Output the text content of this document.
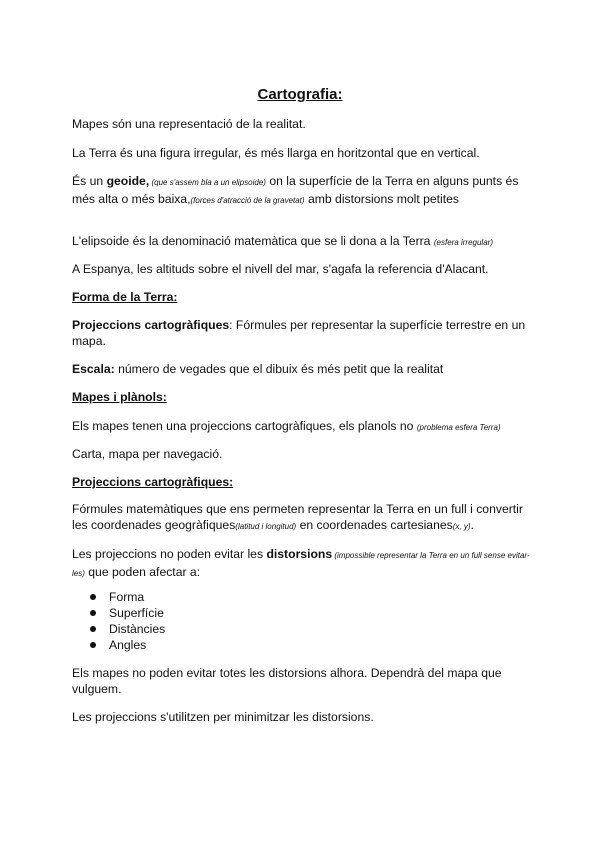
Cartografia:

Mapes són una representació de la realitat.

La Terra és una figura irregular, és més llarga en horitzontal que en vertical.

És un geoide, (que s'assem bla a un elipsoide) on la superfície de la Terra en alguns punts és més alta o més baixa,(forces d'atracció de la gravetat) amb distorsions molt petites

L'elipsoide és la denominació matemàtica que se li dona a la Terra (esfera irregular)

A Espanya, les altituds sobre el nivell del mar, s'agafa la referencia d'Alacant.

Forma de la Terra:

Projeccions cartogràfiques: Fórmules per representar la superfície terrestre en un mapa.

Escala: número de vegades que el dibuix és més petit que la realitat

Mapes i plànols:

Els mapes tenen una projeccions cartogràfiques, els planols no (problema esfera Terra)

Carta, mapa per navegació.

Projeccions cartogràfiques:

Fórmules matemàtiques que ens permeten representar la Terra en un full i convertir les coordenades geogràfiques(latitud i longitud) en coordenades cartesianes(x, y).

Les projeccions no poden evitar les distorsions (impossible representar la Terra en un full sense evitar-les) que poden afectar a:

Forma
Superfície
Distàncies
Angles

Els mapes no poden evitar totes les distorsions alhora. Dependrà del mapa que vulguem.

Les projeccions s'utilitzen per minimitzar les distorsions.
